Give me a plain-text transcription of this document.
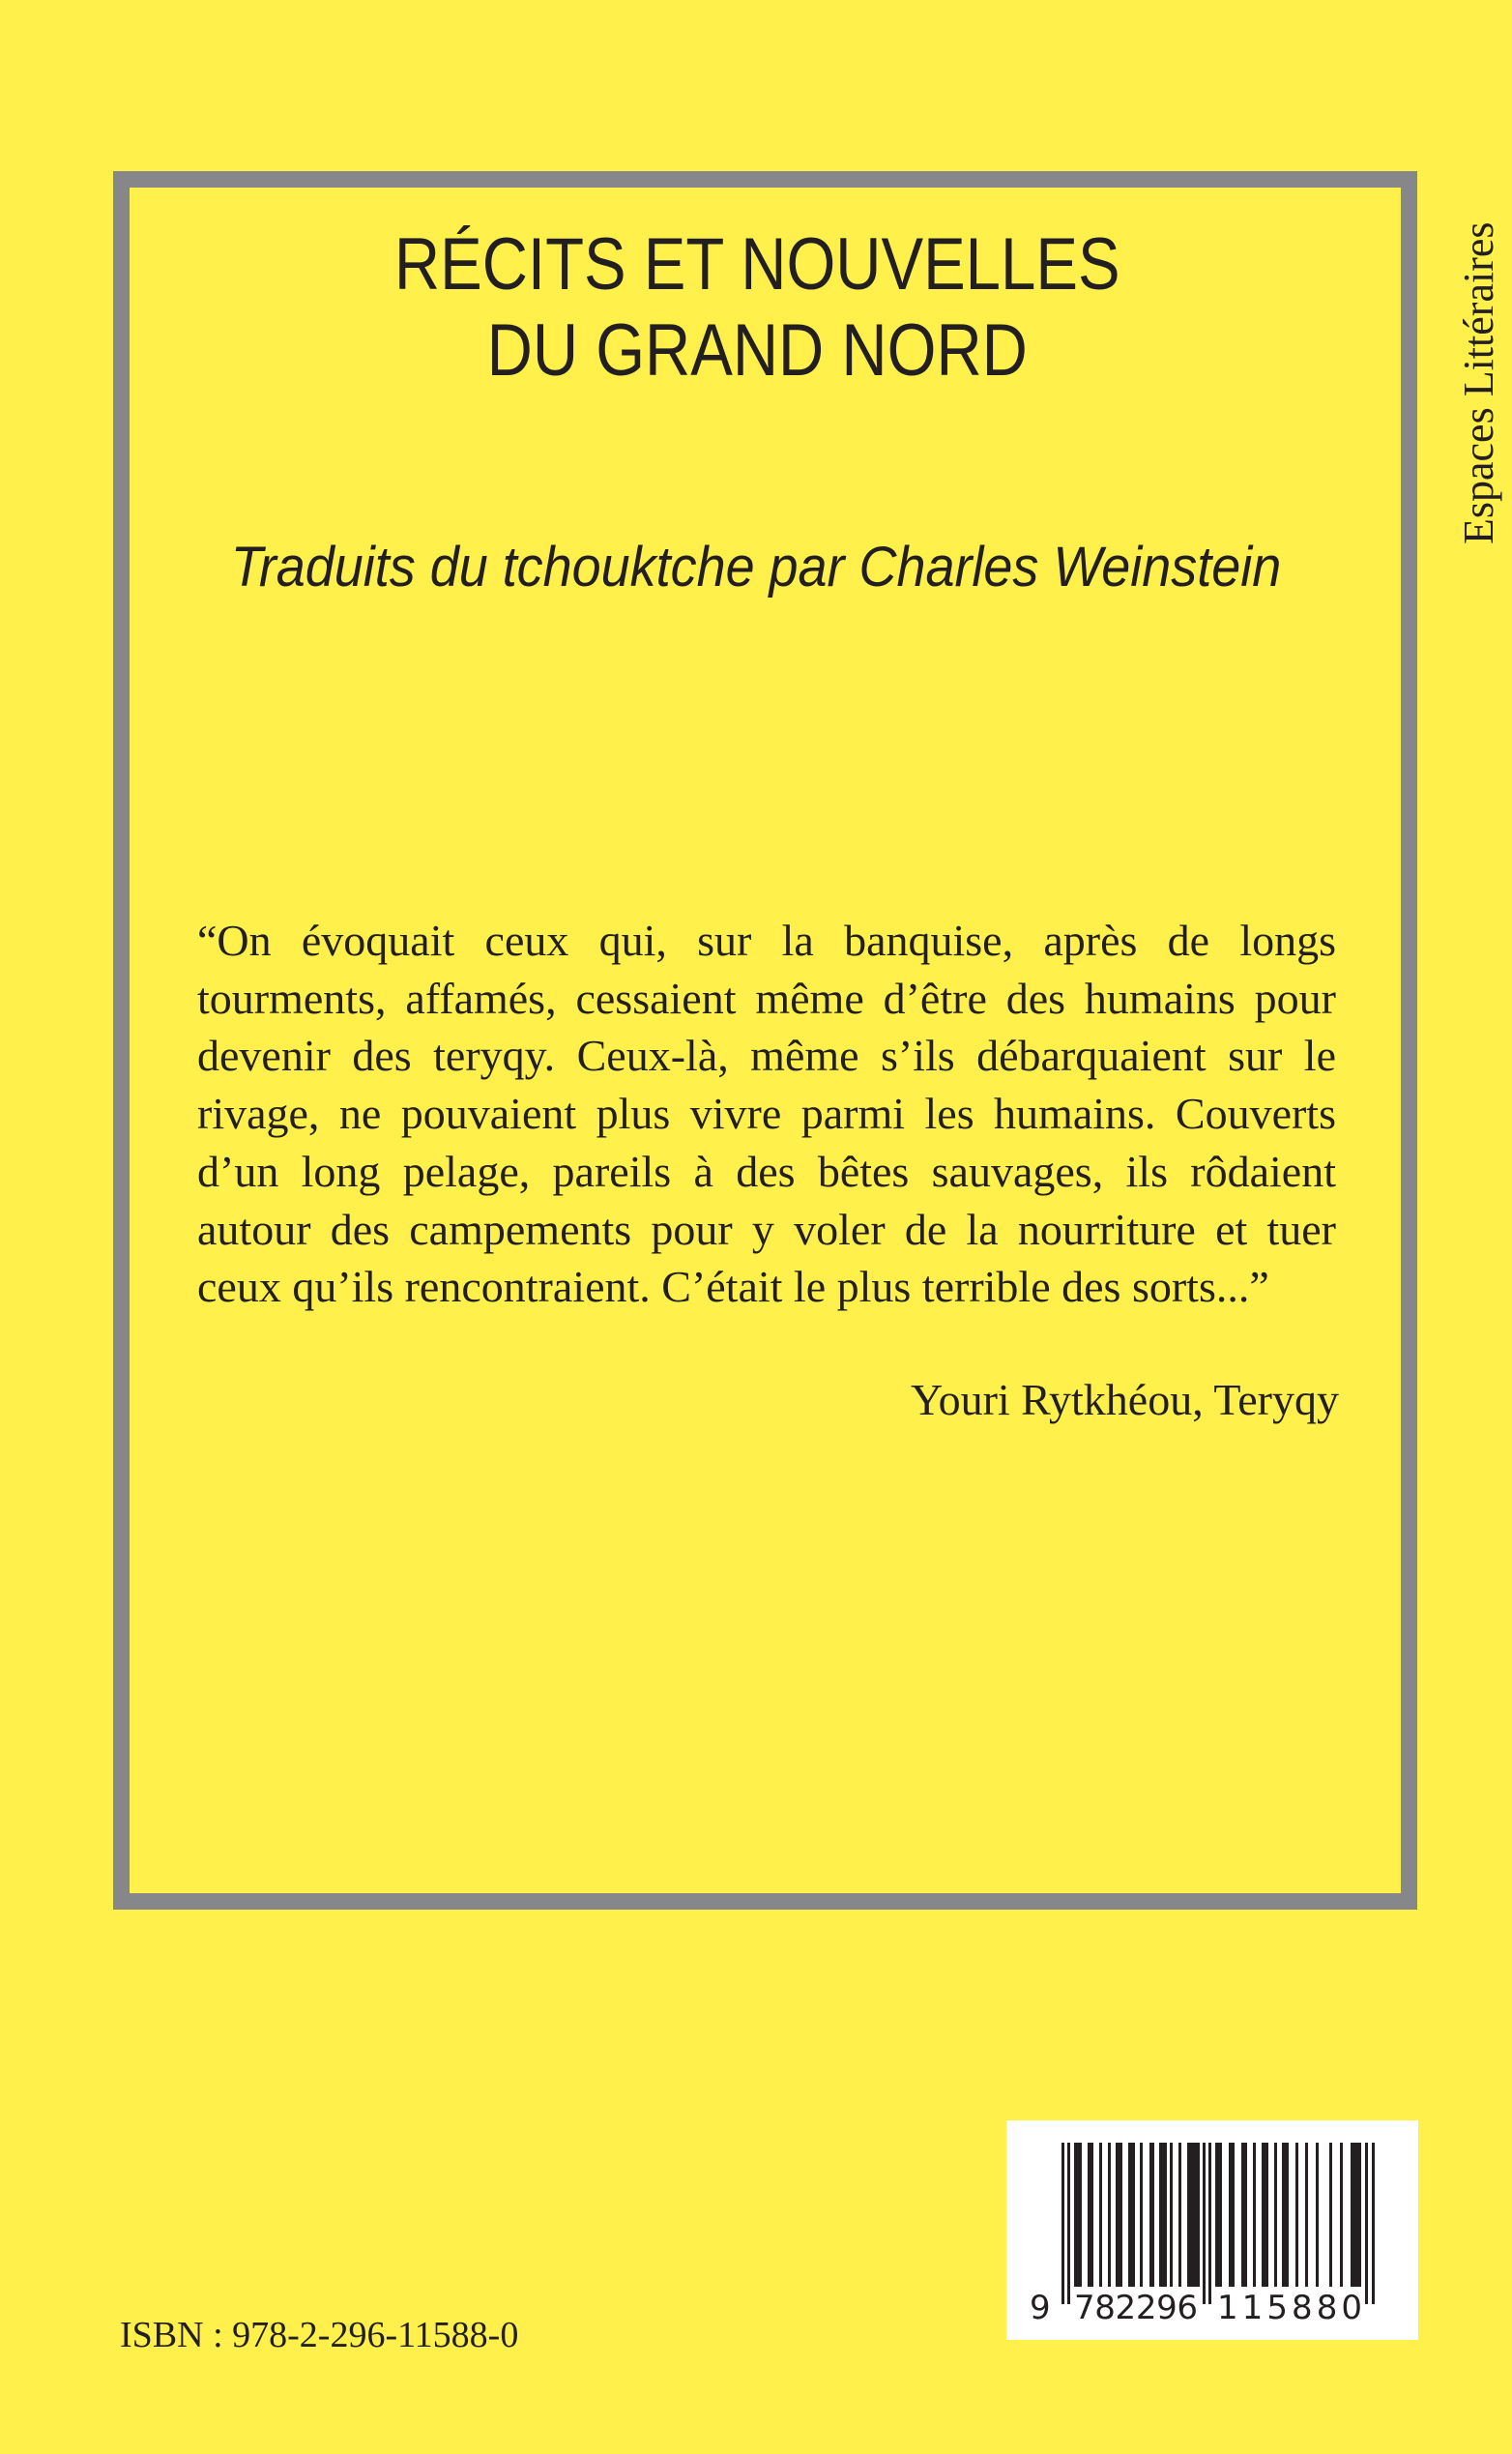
RÉCITS ET NOUVELLES
DU GRAND NORD
Traduits du tchouktche par Charles Weinstein
Espaces Littéraires
“On évoquait ceux qui, sur la banquise, après de longs
tourments, affamés, cessaient même d’être des humains pour
devenir des teryqy. Ceux-là, même s’ils débarquaient sur le
rivage, ne pouvaient plus vivre parmi les humains. Couverts
d’un long pelage, pareils à des bêtes sauvages, ils rôdaient
autour des campements pour y voler de la nourriture et tuer
ceux qu’ils rencontraient. C’était le plus terrible des sorts...”
Youri Rytkhéou, Teryqy
ISBN : 978-2-296-11588-0
9 782296 115880
